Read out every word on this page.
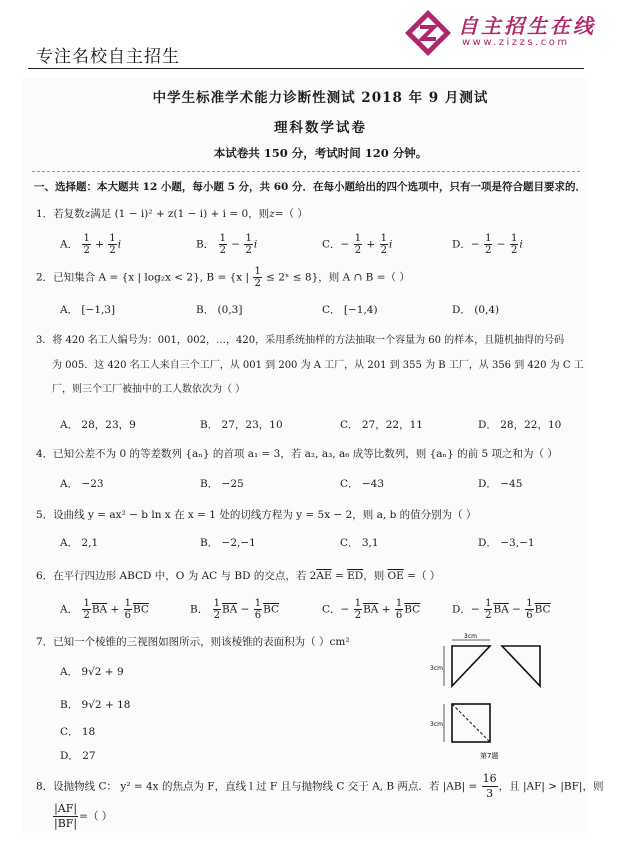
专注名校自主招生
自主招生在线
www.zizzs.com
中学生标准学术能力诊断性测试 2018 年 9 月测试
理科数学试卷
本试卷共 150 分，考试时间 120 分钟。
一、选择题：本大题共 12 小题，每小题 5 分，共 60 分．在每小题给出的四个选项中，只有一项是符合题目要求的．
1．若复数z满足 (1 − i)² + z(1 − i) + i = 0，则z=（ ）
A． $\frac{1}{2} + \frac{1}{2}$ i	B． $\frac{1}{2} - \frac{1}{2}$ i	C．− $\frac{1}{2} + \frac{1}{2}$ i	D．− $\frac{1}{2} - \frac{1}{2}$ i
2．已知集合 A = {x | log₂x < 2}, B = {x | $\frac{1}{2}$ ≤ 2ˣ ≤ 8}，则 A ∩ B =（ ）
A． [−1,3]	B． (0,3]	C． [−1,4)	D． (0,4)
3．将 420 名工人编号为：001，002，…，420，采用系统抽样的方法抽取一个容量为 60 的样本，且随机抽得的号码
为 005．这 420 名工人来自三个工厂，从 001 到 200 为 A 工厂，从 201 到 355 为 B 工厂，从 356 到 420 为 C 工
厂，则三个工厂被抽中的工人数依次为（ ）
A． 28，23，9	B． 27，23，10	C． 27，22，11	D． 28，22，10
4．已知公差不为 0 的等差数列 {aₙ} 的首项 a₁ = 3，若 a₂, a₃, a₆ 成等比数列，则 {aₙ} 的前 5 项之和为（ ）
A． −23	B． −25	C． −43	D． −45
5．设曲线 y = ax² − b ln x 在 x = 1 处的切线方程为 y = 5x − 2，则 a, b 的值分别为（ ）
A． 2,1	B． −2,−1	C． 3,1	D． −3,−1
6．在平行四边形 ABCD 中，O 为 AC 与 BD 的交点，若 $2\overline{AE} = \overline{ED}$，则 $\overline{OE}$ =（ ）
A． $\frac{1}{2} \overline{BA} + \frac{1}{6} \overline{BC}$	B． $\frac{1}{2} \overline{BA} - \frac{1}{6} \overline{BC}$	C．− $\frac{1}{2} \overline{BA} + \frac{1}{6} \overline{BC}$	D．− $\frac{1}{2} \overline{BA} - \frac{1}{6} \overline{BC}$
7．已知一个棱锥的三视图如图所示，则该棱锥的表面积为（ ）cm²
A． 9√2 + 9
B． 9√2 + 18
C． 18
D． 27
3cm
3cm
3cm
第7题
8．设抛物线 C： y² = 4x 的焦点为 F，直线 l 过 F 且与抛物线 C 交于 A, B 两点．若 $|AB| = \frac{16}{3}$ ，且 |AF| > |BF|，则
$\frac{|AF|}{|BF|}$ =（ ）
